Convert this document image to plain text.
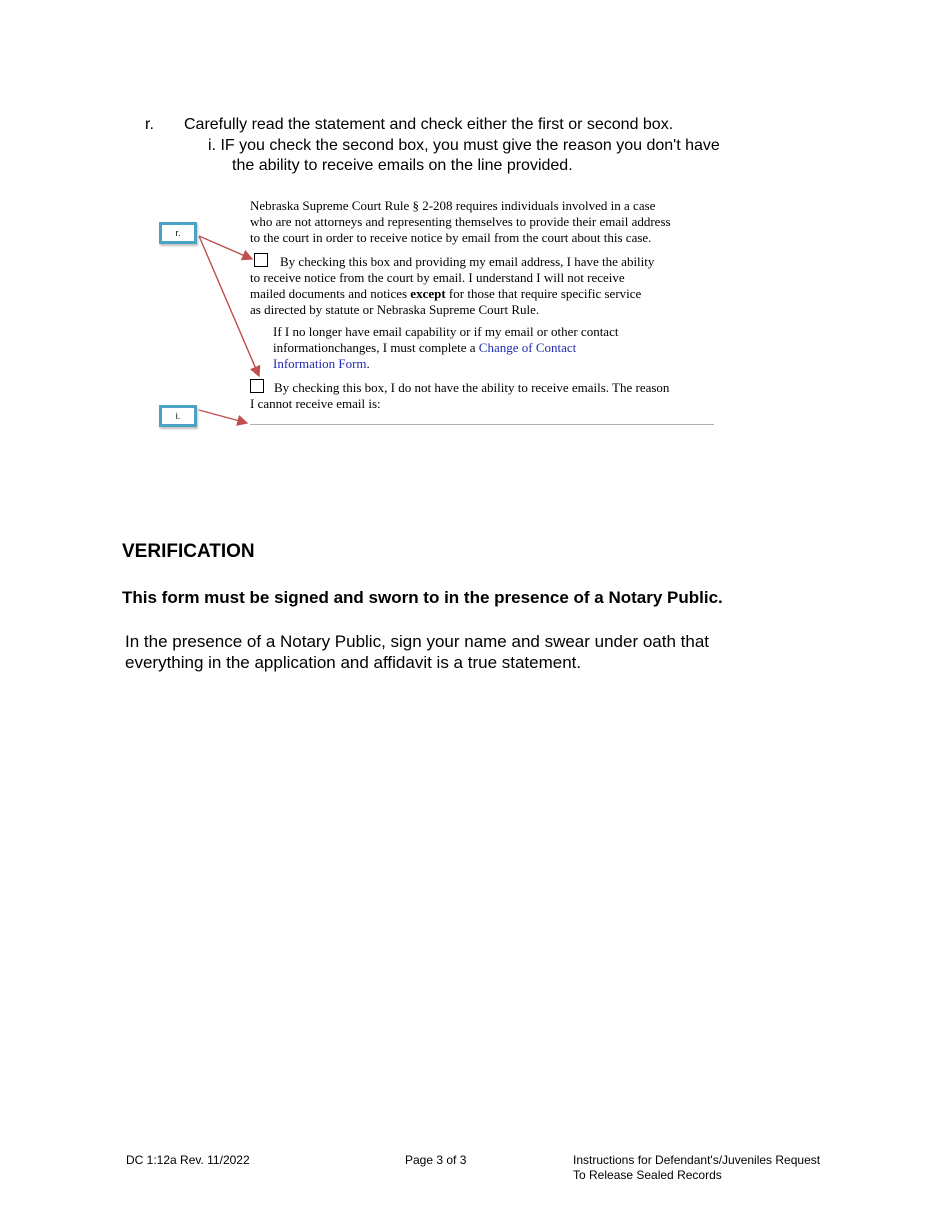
r. Carefully read the statement and check either the first or second box.
i. IF you check the second box, you must give the reason you don't have
the ability to receive emails on the line provided.
Nebraska Supreme Court Rule § 2-208 requires individuals involved in a case
who are not attorneys and representing themselves to provide their email address
to the court in order to receive notice by email from the court about this case.
By checking this box and providing my email address, I have the ability
to receive notice from the court by email. I understand I will not receive
mailed documents and notices except for those that require specific service
as directed by statute or Nebraska Supreme Court Rule.
If I no longer have email capability or if my email or other contact
informationchanges, I must complete a Change of Contact
Information Form.
By checking this box, I do not have the ability to receive emails. The reason
I cannot receive email is:
r.
i.
VERIFICATION
This form must be signed and sworn to in the presence of a Notary Public.
In the presence of a Notary Public, sign your name and swear under oath that
everything in the application and affidavit is a true statement.
DC 1:12a Rev. 11/2022	Page 3 of 3	Instructions for Defendant's/Juveniles Request
To Release Sealed Records
